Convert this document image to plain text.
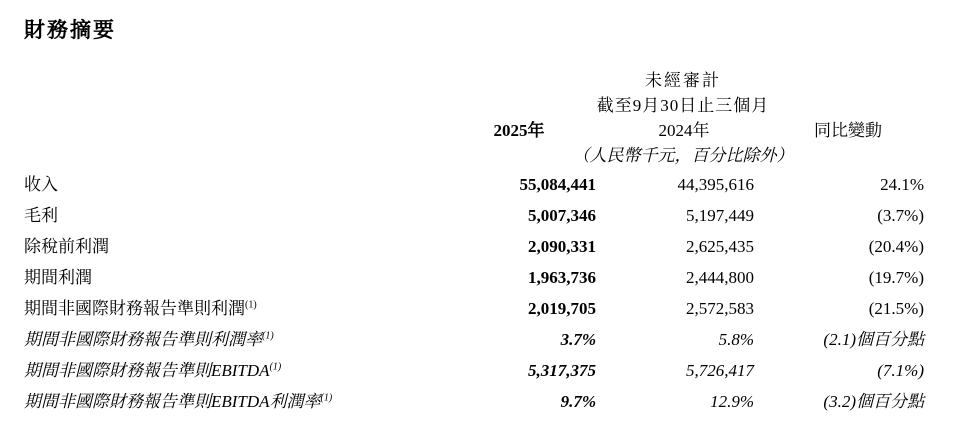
財務摘要
	未經審計		
	截至9月30日止三個月		
	2025年	2024年	同比變動
	（人民幣千元，百分比除外）		
收入	55,084,441	44,395,616	24.1%
毛利	5,007,346	5,197,449	(3.7%)
除稅前利潤	2,090,331	2,625,435	(20.4%)
期間利潤	1,963,736	2,444,800	(19.7%)
期間非國際財務報告準則利潤$^{(1)}$	2,019,705	2,572,583	(21.5%)
期間非國際財務報告準則利潤率$^{(1)}$	3.7%	5.8%	(2.1)個百分點
期間非國際財務報告準則EBITDA$^{(1)}$	5,317,375	5,726,417	(7.1%)
期間非國際財務報告準則EBITDA利潤率$^{(1)}$	9.7%	12.9%	(3.2)個百分點
